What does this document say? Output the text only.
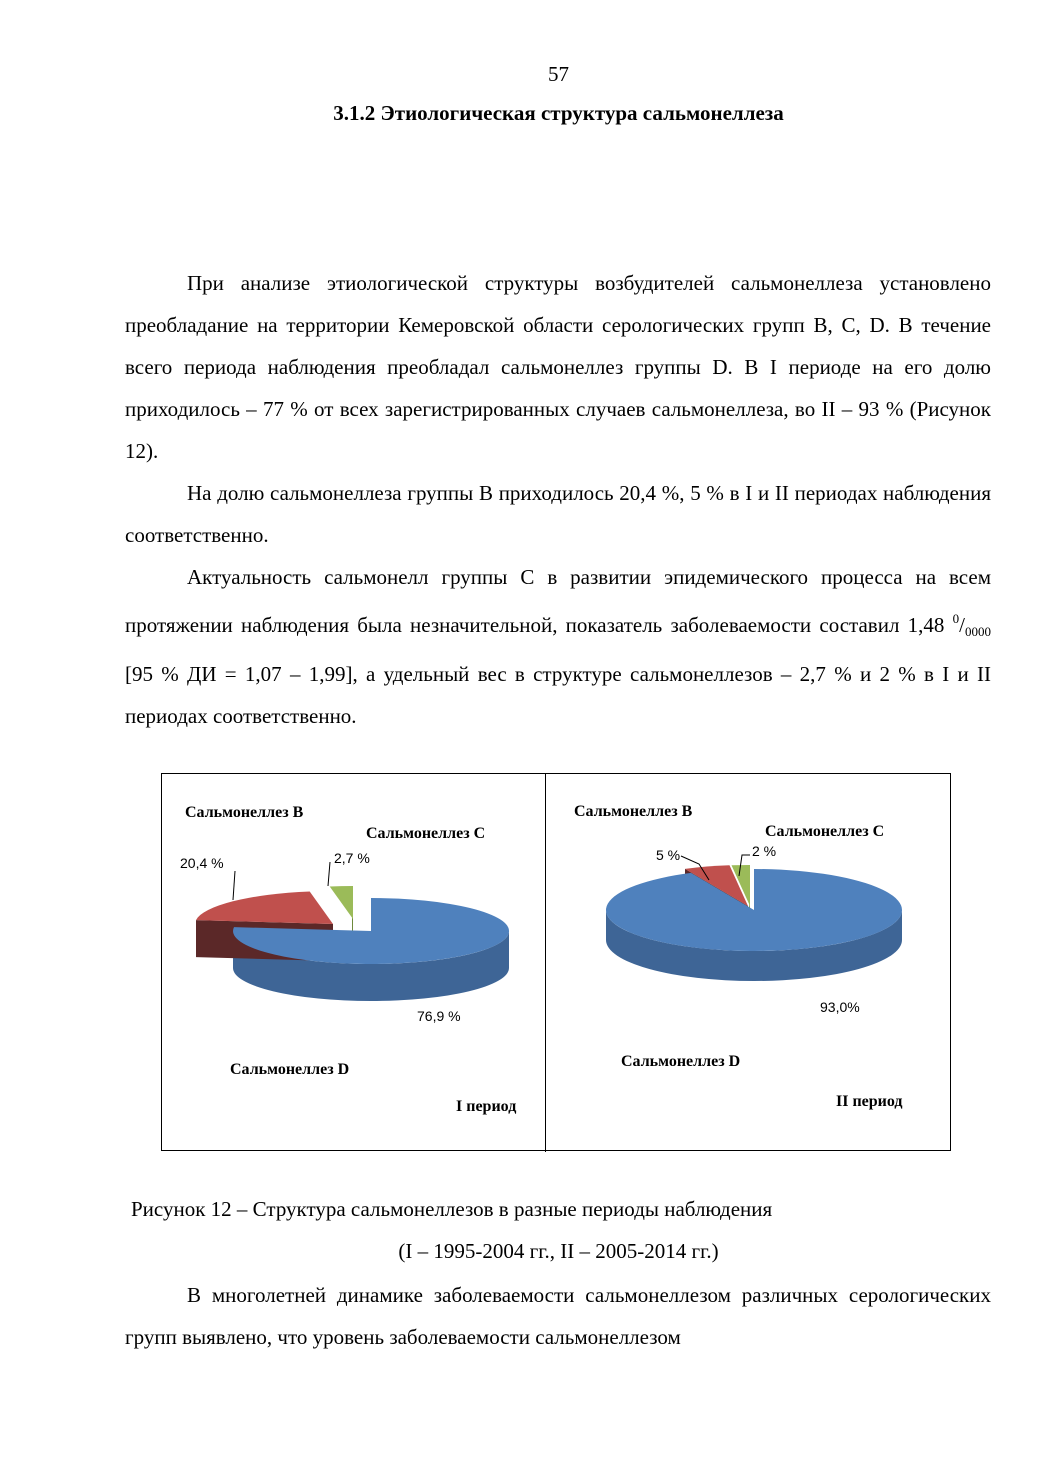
57
3.1.2 Этиологическая структура сальмонеллеза

При анализе этиологической структуры возбудителей сальмонеллеза установлено преобладание на территории Кемеровской области серологических групп B, C, D. В течение всего периода наблюдения преобладал сальмонеллез группы D. В I периоде на его долю приходилось – 77 % от всех зарегистрированных случаев сальмонеллеза, во II – 93 % (Рисунок 12).

На долю сальмонеллеза группы В приходилось 20,4 %, 5 % в I и II периодах наблюдения соответственно.

Актуальность сальмонелл группы С в развитии эпидемического процесса на всем протяжении наблюдения была незначительной, показатель заболеваемости составил 1,48 $^0/_{0000}$ [95 % ДИ = 1,07 – 1,99], а удельный вес в структуре сальмонеллезов – 2,7 % и 2 % в I и II периодах соответственно.

Сальмонеллез В
Сальмонеллез С
Сальмонеллез D
20,4 %	2,7 %
76,9 %
I период
Сальмонеллез В
Сальмонеллез С
Сальмонеллез D
5 %	2 %
93,0%
II период
Рисунок 12 – Структура сальмонеллезов в разные периоды наблюдения
(I – 1995-2004 гг., II – 2005-2014 гг.)

В многолетней динамике заболеваемости сальмонеллезом различных серологических групп выявлено, что уровень заболеваемости сальмонеллезом
